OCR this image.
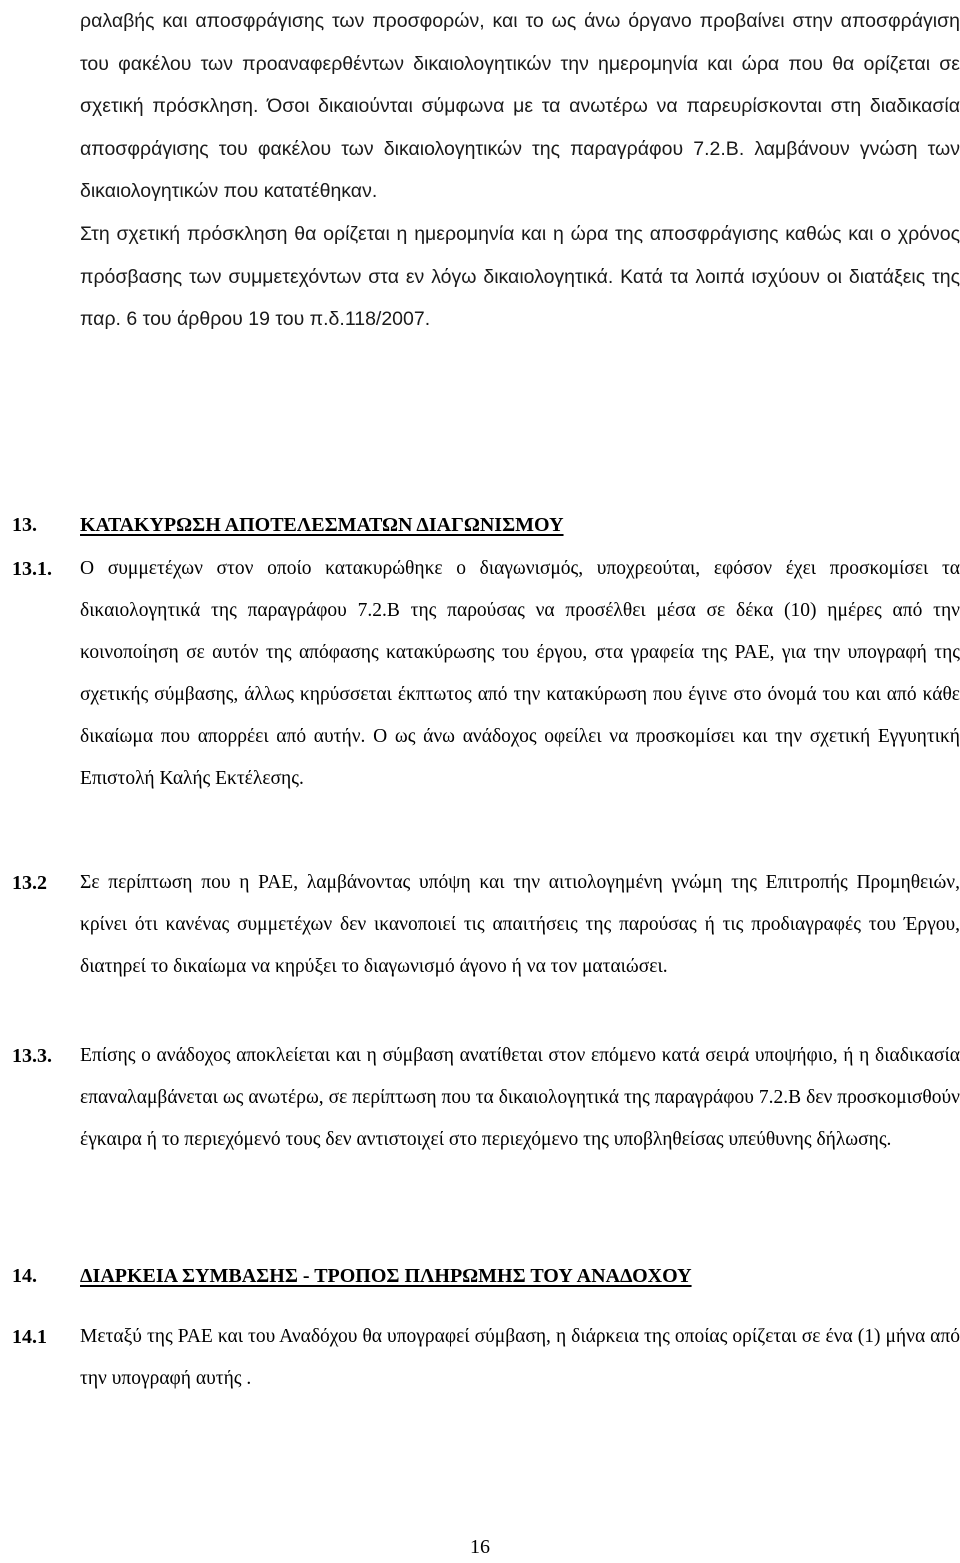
ραλαβής και αποσφράγισης των προσφορών, και το ως άνω όργανο προβαίνει στην αποσφράγιση του φακέλου των προαναφερθέντων δικαιολογητικών την ημερομηνία και ώρα που θα ορίζεται σε σχετική πρόσκληση. Όσοι δικαιούνται σύμφωνα με τα ανωτέρω να παρευρίσκονται στη διαδικασία αποσφράγισης του φακέλου των δικαιολογητικών της παραγράφου 7.2.Β. λαμβάνουν γνώση των δικαιολογητικών που κατατέθηκαν.

Στη σχετική πρόσκληση θα ορίζεται η ημερομηνία και η ώρα της αποσφράγισης καθώς και ο χρόνος πρόσβασης των συμμετεχόντων στα εν λόγω δικαιολογητικά. Κατά τα λοιπά ισχύουν οι διατάξεις της παρ. 6 του άρθρου 19 του π.δ.118/2007.

13. ΚΑΤΑΚΥΡΩΣΗ ΑΠΟΤΕΛΕΣΜΑΤΩΝ ΔΙΑΓΩΝΙΣΜΟΥ
13.1. Ο συμμετέχων στον οποίο κατακυρώθηκε ο διαγωνισμός, υποχρεούται, εφόσον έχει προσκομίσει τα δικαιολογητικά της παραγράφου 7.2.Β της παρούσας να προσέλθει μέσα σε δέκα (10) ημέρες από την κοινοποίηση σε αυτόν της απόφασης κατακύρωσης του έργου, στα γραφεία της ΡΑΕ, για την υπογραφή της σχετικής σύμβασης, άλλως κηρύσσεται έκπτωτος από την κατακύρωση που έγινε στο όνομά του και από κάθε δικαίωμα που απορρέει από αυτήν. Ο ως άνω ανάδοχος οφείλει να προσκομίσει και την σχετική Εγγυητική Επιστολή Καλής Εκτέλεσης.
13.2 Σε περίπτωση που η ΡΑΕ, λαμβάνοντας υπόψη και την αιτιολογημένη γνώμη της Επιτροπής Προμηθειών, κρίνει ότι κανένας συμμετέχων δεν ικανοποιεί τις απαιτήσεις της παρούσας ή τις προδιαγραφές του Έργου, διατηρεί το δικαίωμα να κηρύξει το διαγωνισμό άγονο ή να τον ματαιώσει.
13.3. Επίσης ο ανάδοχος αποκλείεται και η σύμβαση ανατίθεται στον επόμενο κατά σειρά υποψήφιο, ή η διαδικασία επαναλαμβάνεται ως ανωτέρω, σε περίπτωση που τα δικαιολογητικά της παραγράφου 7.2.Β δεν προσκομισθούν έγκαιρα ή το περιεχόμενό τους δεν αντιστοιχεί στο περιεχόμενο της υποβληθείσας υπεύθυνης δήλωσης.
14. ΔΙΑΡΚΕΙΑ ΣΥΜΒΑΣΗΣ - ΤΡΟΠΟΣ ΠΛΗΡΩΜΗΣ ΤΟΥ ΑΝΑΔΟΧΟΥ
14.1 Μεταξύ της ΡΑΕ και του Αναδόχου θα υπογραφεί σύμβαση, η διάρκεια της οποίας ορίζεται σε ένα (1) μήνα από την υπογραφή αυτής .
16
